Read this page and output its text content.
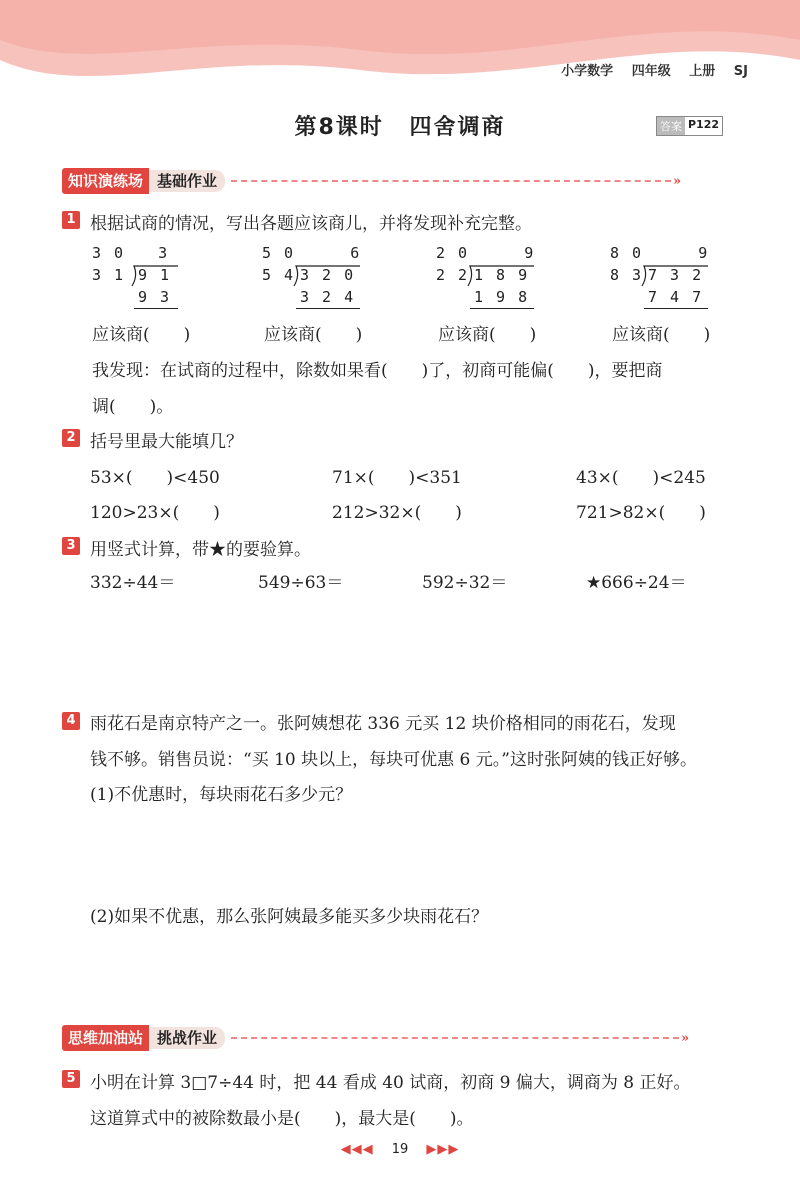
小学数学 四年级 上册 SJ
第8课时 四舍调商	答案 P122
知识演练场 基础作业	»
1 根据试商的情况，写出各题应该商儿，并将发现补充完整。
3 0   3
3 1 9 1
9 3
5 0     6
5 4 3 2 0
3 2 4
2 0     9
2 2 1 8 9
1 9 8
8 0     9
8 3 7 3 2
7 4 7
应该商(　　)	应该商(　　)	应该商(　　)	应该商(　　)
我发现：在试商的过程中，除数如果看(　　)了，初商可能偏(　　)，要把商
调(　　)。
2 括号里最大能填几？
53×(　　)<450	71×(　　)<351	43×(　　)<245
120>23×(　　)	212>32×(　　)	721>82×(　　)
3 用竖式计算，带★的要验算。
332÷44＝	549÷63＝	592÷32＝	★666÷24＝
4 雨花石是南京特产之一。张阿姨想花 336 元买 12 块价格相同的雨花石，发现
钱不够。销售员说：“买 10 块以上，每块可优惠 6 元。”这时张阿姨的钱正好够。
(1)不优惠时，每块雨花石多少元？
(2)如果不优惠，那么张阿姨最多能买多少块雨花石？
思维加油站 挑战作业	»
5 小明在计算 3□7÷44 时，把 44 看成 40 试商，初商 9 偏大，调商为 8 正好。
这道算式中的被除数最小是(　　)，最大是(　　)。
◀◀◀ 19 ▶▶▶
